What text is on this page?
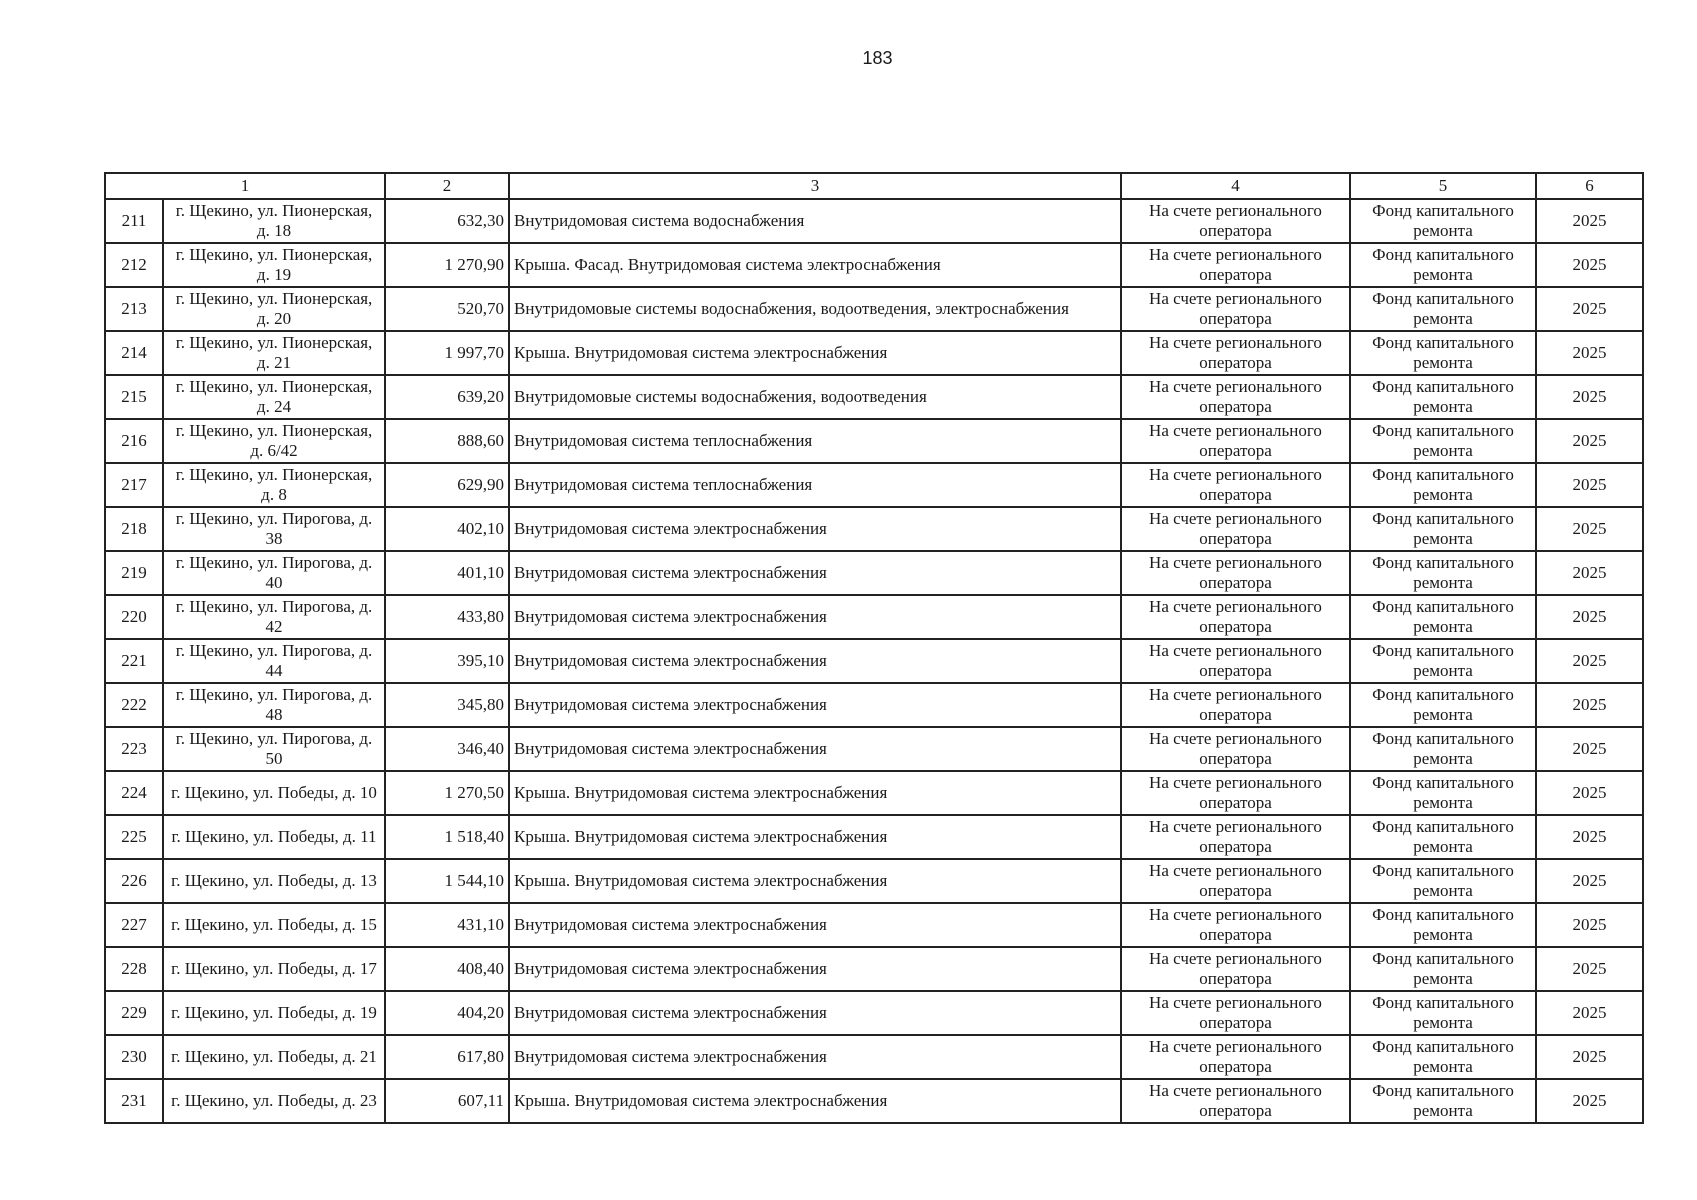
183
1		2	3	4	5	6
211	г. Щекино, ул. Пионерская, д. 18	632,30	Внутридомовая система водоснабжения	На счете регионального оператора	Фонд капитального ремонта	2025
212	г. Щекино, ул. Пионерская, д. 19	1 270,90	Крыша. Фасад. Внутридомовая система электроснабжения	На счете регионального оператора	Фонд капитального ремонта	2025
213	г. Щекино, ул. Пионерская, д. 20	520,70	Внутридомовые системы водоснабжения, водоотведения, электроснабжения	На счете регионального оператора	Фонд капитального ремонта	2025
214	г. Щекино, ул. Пионерская, д. 21	1 997,70	Крыша. Внутридомовая система электроснабжения	На счете регионального оператора	Фонд капитального ремонта	2025
215	г. Щекино, ул. Пионерская, д. 24	639,20	Внутридомовые системы водоснабжения, водоотведения	На счете регионального оператора	Фонд капитального ремонта	2025
216	г. Щекино, ул. Пионерская, д. 6/42	888,60	Внутридомовая система теплоснабжения	На счете регионального оператора	Фонд капитального ремонта	2025
217	г. Щекино, ул. Пионерская, д. 8	629,90	Внутридомовая система теплоснабжения	На счете регионального оператора	Фонд капитального ремонта	2025
218	г. Щекино, ул. Пирогова, д. 38	402,10	Внутридомовая система электроснабжения	На счете регионального оператора	Фонд капитального ремонта	2025
219	г. Щекино, ул. Пирогова, д. 40	401,10	Внутридомовая система электроснабжения	На счете регионального оператора	Фонд капитального ремонта	2025
220	г. Щекино, ул. Пирогова, д. 42	433,80	Внутридомовая система электроснабжения	На счете регионального оператора	Фонд капитального ремонта	2025
221	г. Щекино, ул. Пирогова, д. 44	395,10	Внутридомовая система электроснабжения	На счете регионального оператора	Фонд капитального ремонта	2025
222	г. Щекино, ул. Пирогова, д. 48	345,80	Внутридомовая система электроснабжения	На счете регионального оператора	Фонд капитального ремонта	2025
223	г. Щекино, ул. Пирогова, д. 50	346,40	Внутридомовая система электроснабжения	На счете регионального оператора	Фонд капитального ремонта	2025
224	г. Щекино, ул. Победы, д. 10	1 270,50	Крыша. Внутридомовая система электроснабжения	На счете регионального оператора	Фонд капитального ремонта	2025
225	г. Щекино, ул. Победы, д. 11	1 518,40	Крыша. Внутридомовая система электроснабжения	На счете регионального оператора	Фонд капитального ремонта	2025
226	г. Щекино, ул. Победы, д. 13	1 544,10	Крыша. Внутридомовая система электроснабжения	На счете регионального оператора	Фонд капитального ремонта	2025
227	г. Щекино, ул. Победы, д. 15	431,10	Внутридомовая система электроснабжения	На счете регионального оператора	Фонд капитального ремонта	2025
228	г. Щекино, ул. Победы, д. 17	408,40	Внутридомовая система электроснабжения	На счете регионального оператора	Фонд капитального ремонта	2025
229	г. Щекино, ул. Победы, д. 19	404,20	Внутридомовая система электроснабжения	На счете регионального оператора	Фонд капитального ремонта	2025
230	г. Щекино, ул. Победы, д. 21	617,80	Внутридомовая система электроснабжения	На счете регионального оператора	Фонд капитального ремонта	2025
231	г. Щекино, ул. Победы, д. 23	607,11	Крыша. Внутридомовая система электроснабжения	На счете регионального оператора	Фонд капитального ремонта	2025
